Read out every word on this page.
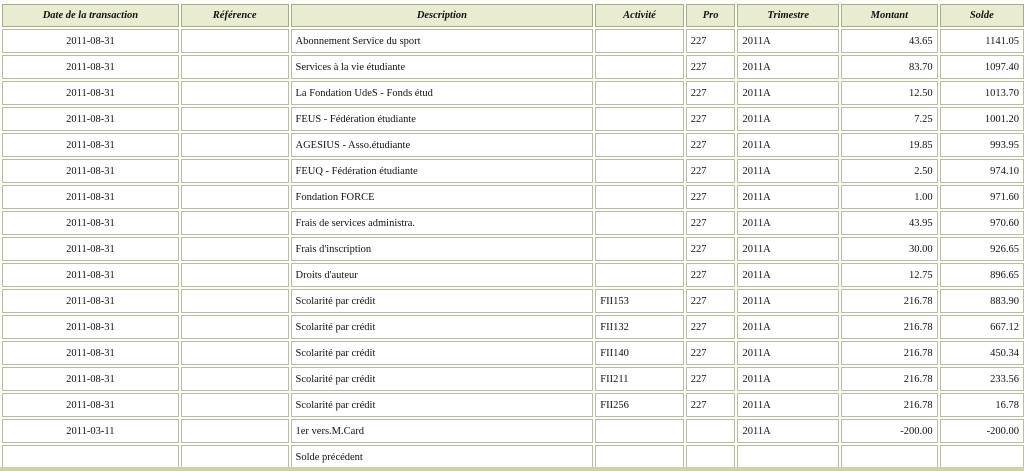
Date de la transaction	Référence	Description	Activité	Pro	Trimestre	Montant	Solde
2011-08-31		Abonnement Service du sport		227	2011A	43.65	1141.05
2011-08-31		Services à la vie étudiante		227	2011A	83.70	1097.40
2011-08-31		La Fondation UdeS - Fonds étud		227	2011A	12.50	1013.70
2011-08-31		FEUS - Fédération étudiante		227	2011A	7.25	1001.20
2011-08-31		AGESIUS - Asso.étudiante		227	2011A	19.85	993.95
2011-08-31		FEUQ - Fédération étudiante		227	2011A	2.50	974.10
2011-08-31		Fondation FORCE		227	2011A	1.00	971.60
2011-08-31		Frais de services administra.		227	2011A	43.95	970.60
2011-08-31		Frais d'inscription		227	2011A	30.00	926.65
2011-08-31		Droits d'auteur		227	2011A	12.75	896.65
2011-08-31		Scolarité par crédit	FII153	227	2011A	216.78	883.90
2011-08-31		Scolarité par crédit	FII132	227	2011A	216.78	667.12
2011-08-31		Scolarité par crédit	FII140	227	2011A	216.78	450.34
2011-08-31		Scolarité par crédit	FII211	227	2011A	216.78	233.56
2011-08-31		Scolarité par crédit	FII256	227	2011A	216.78	16.78
2011-03-11		1er vers.M.Card			2011A	-200.00	-200.00
		Solde précédent					
